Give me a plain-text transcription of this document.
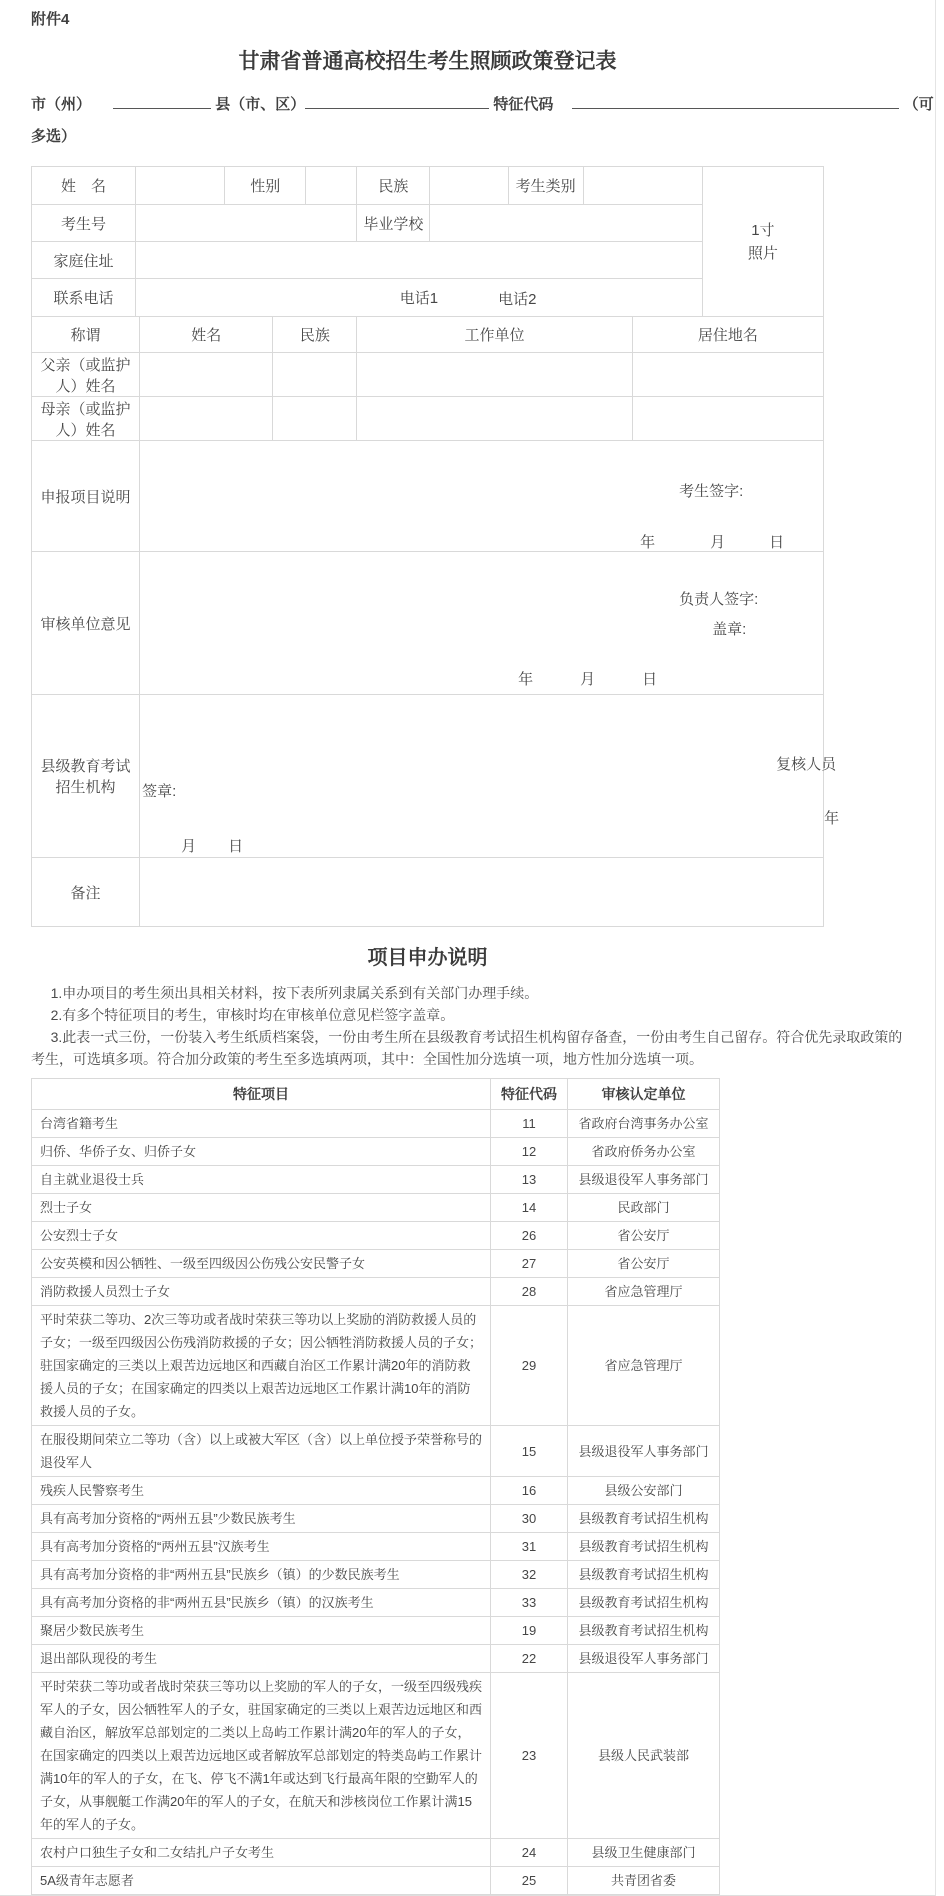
附件4
甘肃省普通高校招生考生照顾政策登记表
市（州）	县（市、区）	特征代码	（可多选）
姓　名		性别		民族		考生类别		1寸
照片

考生号				毕业学校				
家庭住址								
联系电话	电话1 电话2							
称谓	姓名	民族	工作单位	居住地名
父亲（或监护人）姓名				
母亲（或监护人）姓名				
申报项目说明	考生签字:
年 月 日			

审核单位意见	负责人签字:
盖章:
年 月 日			

县级教育考试招生机构	复核人员
签章:
年
月 日			

备注				
项目申办说明

1.申办项目的考生须出具相关材料，按下表所列隶属关系到有关部门办理手续。

2.有多个特征项目的考生，审核时均在审核单位意见栏签字盖章。

3.此表一式三份，一份装入考生纸质档案袋，一份由考生所在县级教育考试招生机构留存备查，一份由考生自己留存。符合优先录取政策的考生，可选填多项。符合加分政策的考生至多选填两项，其中：全国性加分选填一项，地方性加分选填一项。

特征项目	特征代码	审核认定单位
台湾省籍考生	11	省政府台湾事务办公室
归侨、华侨子女、归侨子女	12	省政府侨务办公室
自主就业退役士兵	13	县级退役军人事务部门
烈士子女	14	民政部门
公安烈士子女	26	省公安厅
公安英模和因公牺牲、一级至四级因公伤残公安民警子女	27	省公安厅
消防救援人员烈士子女	28	省应急管理厅
平时荣获二等功、2次三等功或者战时荣获三等功以上奖励的消防救援人员的子女；一级至四级因公伤残消防救援的子女；因公牺牲消防救援人员的子女；驻国家确定的三类以上艰苦边远地区和西藏自治区工作累计满20年的消防救援人员的子女；在国家确定的四类以上艰苦边远地区工作累计满10年的消防救援人员的子女。	29	省应急管理厅
在服役期间荣立二等功（含）以上或被大军区（含）以上单位授予荣誉称号的退役军人	15	县级退役军人事务部门
残疾人民警察考生	16	县级公安部门
具有高考加分资格的“两州五县”少数民族考生	30	县级教育考试招生机构
具有高考加分资格的“两州五县”汉族考生	31	县级教育考试招生机构
具有高考加分资格的非“两州五县”民族乡（镇）的少数民族考生	32	县级教育考试招生机构
具有高考加分资格的非“两州五县”民族乡（镇）的汉族考生	33	县级教育考试招生机构
聚居少数民族考生	19	县级教育考试招生机构
退出部队现役的考生	22	县级退役军人事务部门
平时荣获二等功或者战时荣获三等功以上奖励的军人的子女，一级至四级残疾军人的子女，因公牺牲军人的子女，驻国家确定的三类以上艰苦边远地区和西藏自治区，解放军总部划定的二类以上岛屿工作累计满20年的军人的子女，在国家确定的四类以上艰苦边远地区或者解放军总部划定的特类岛屿工作累计满10年的军人的子女，在飞、停飞不满1年或达到飞行最高年限的空勤军人的子女，从事舰艇工作满20年的军人的子女，在航天和涉核岗位工作累计满15年的军人的子女。	23	县级人民武装部
农村户口独生子女和二女结扎户子女考生	24	县级卫生健康部门
5A级青年志愿者	25	共青团省委
